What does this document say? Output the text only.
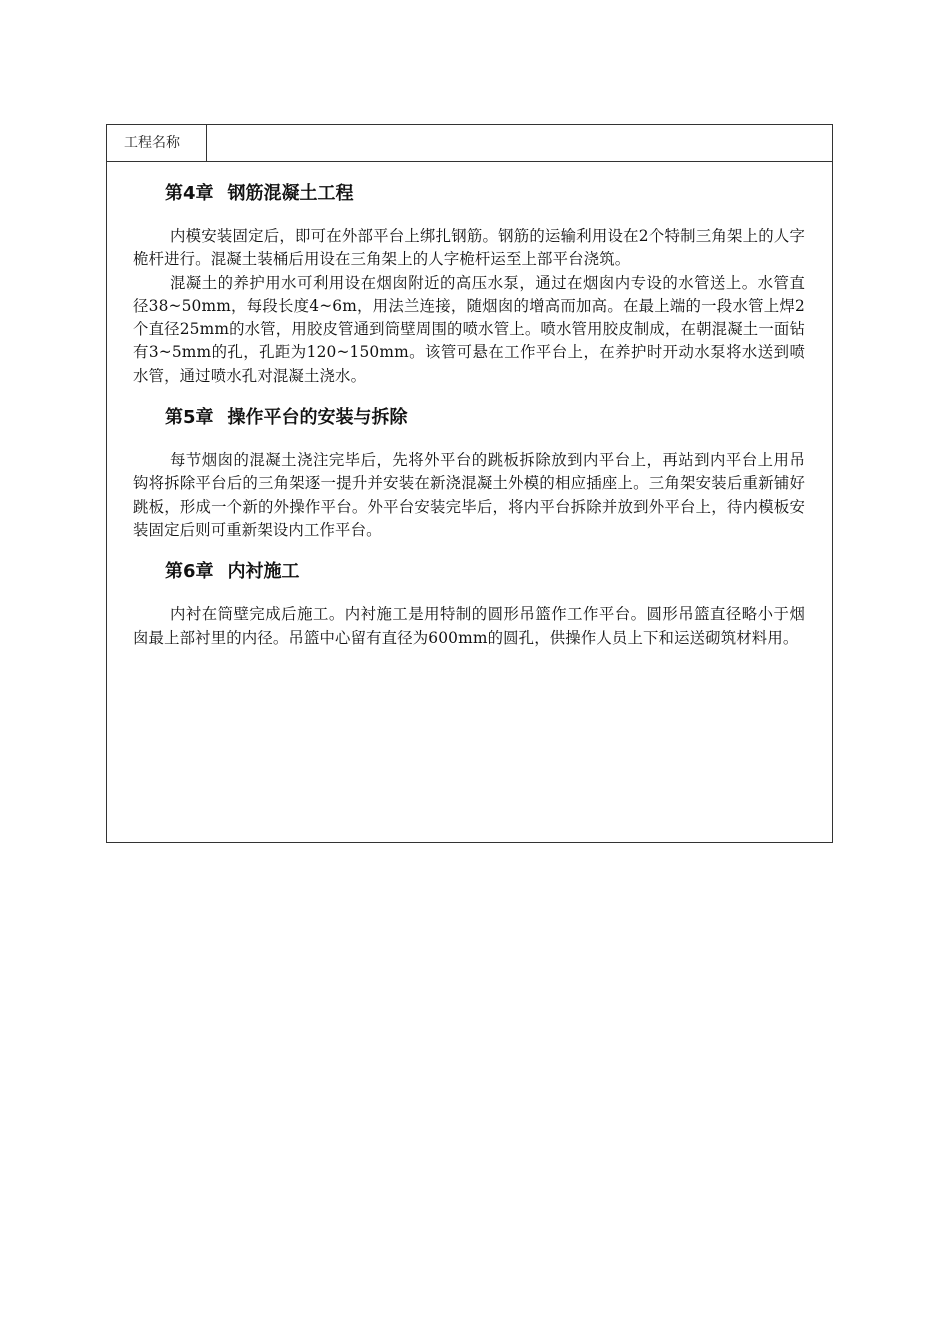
工程名称
第4章 钢筋混凝土工程

内模安装固定后，即可在外部平台上绑扎钢筋。钢筋的运输利用设在2个特制三角架上的人字桅杆进行。混凝土装桶后用设在三角架上的人字桅杆运至上部平台浇筑。

混凝土的养护用水可利用设在烟囱附近的高压水泵，通过在烟囱内专设的水管送上。水管直径38~50mm，每段长度4~6m，用法兰连接，随烟囱的增高而加高。在最上端的一段水管上焊2个直径25mm的水管，用胶皮管通到筒壁周围的喷水管上。喷水管用胶皮制成，在朝混凝土一面钻有3~5mm的孔，孔距为120~150mm。该管可悬在工作平台上，在养护时开动水泵将水送到喷水管，通过喷水孔对混凝土浇水。

第5章 操作平台的安装与拆除

每节烟囱的混凝土浇注完毕后，先将外平台的跳板拆除放到内平台上，再站到内平台上用吊钩将拆除平台后的三角架逐一提升并安装在新浇混凝土外模的相应插座上。三角架安装后重新铺好跳板，形成一个新的外操作平台。外平台安装完毕后，将内平台拆除并放到外平台上，待内模板安装固定后则可重新架设内工作平台。

第6章 内衬施工

内衬在筒壁完成后施工。内衬施工是用特制的圆形吊篮作工作平台。圆形吊篮直径略小于烟囱最上部衬里的内径。吊篮中心留有直径为600mm的圆孔，供操作人员上下和运送砌筑材料用。
